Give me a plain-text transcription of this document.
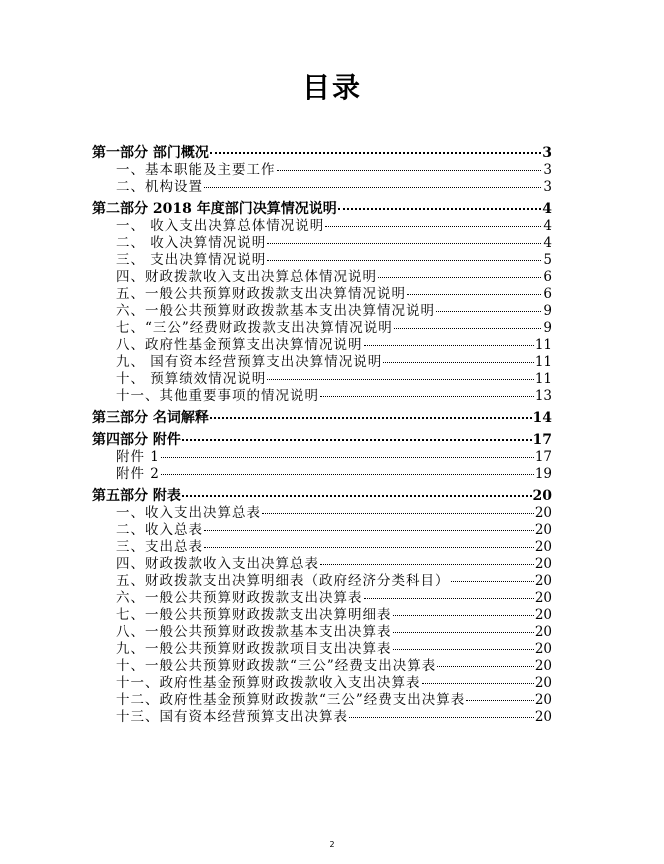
目录
第一部分 部门概况	3
一、基本职能及主要工作	3
二、机构设置	3
第二部分 2018 年度部门决算情况说明	4
一、 收入支出决算总体情况说明	4
二、 收入决算情况说明	4
三、 支出决算情况说明	5
四、财政拨款收入支出决算总体情况说明	6
五、一般公共预算财政拨款支出决算情况说明	6
六、一般公共预算财政拨款基本支出决算情况说明	9
七、“三公”经费财政拨款支出决算情况说明	9
八、政府性基金预算支出决算情况说明	11
九、 国有资本经营预算支出决算情况说明	11
十、 预算绩效情况说明	11
十一、其他重要事项的情况说明	13
第三部分 名词解释	14
第四部分 附件	17
附件 1	17
附件 2	19
第五部分 附表	20
一、收入支出决算总表	20
二、收入总表	20
三、支出总表	20
四、财政拨款收入支出决算总表	20
五、财政拨款支出决算明细表（政府经济分类科目）	20
六、一般公共预算财政拨款支出决算表	20
七、一般公共预算财政拨款支出决算明细表	20
八、一般公共预算财政拨款基本支出决算表	20
九、一般公共预算财政拨款项目支出决算表	20
十、一般公共预算财政拨款“三公”经费支出决算表	20
十一、政府性基金预算财政拨款收入支出决算表	20
十二、政府性基金预算财政拨款“三公”经费支出决算表	20
十三、国有资本经营预算支出决算表	20
2
